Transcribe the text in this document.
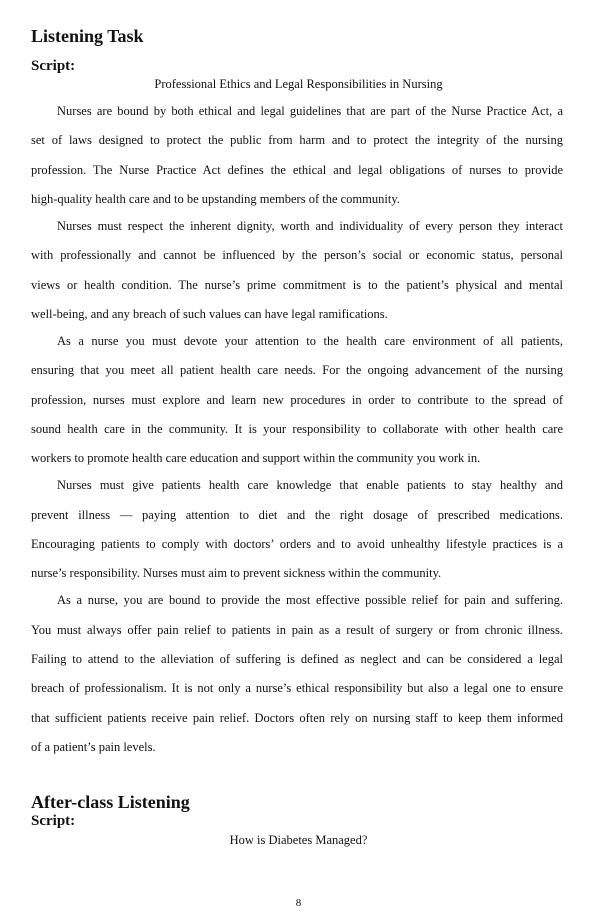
Listening Task
Script:
Professional Ethics and Legal Responsibilities in Nursing
Nurses are bound by both ethical and legal guidelines that are part of the Nurse Practice Act, a
set of laws designed to protect the public from harm and to protect the integrity of the nursing
profession. The Nurse Practice Act defines the ethical and legal obligations of nurses to provide
high-quality health care and to be upstanding members of the community.
Nurses must respect the inherent dignity, worth and individuality of every person they interact
with professionally and cannot be influenced by the person’s social or economic status, personal
views or health condition. The nurse’s prime commitment is to the patient’s physical and mental
well-being, and any breach of such values can have legal ramifications.
As a nurse you must devote your attention to the health care environment of all patients,
ensuring that you meet all patient health care needs. For the ongoing advancement of the nursing
profession, nurses must explore and learn new procedures in order to contribute to the spread of
sound health care in the community. It is your responsibility to collaborate with other health care
workers to promote health care education and support within the community you work in.
Nurses must give patients health care knowledge that enable patients to stay healthy and
prevent illness — paying attention to diet and the right dosage of prescribed medications.
Encouraging patients to comply with doctors’ orders and to avoid unhealthy lifestyle practices is a
nurse’s responsibility. Nurses must aim to prevent sickness within the community.
As a nurse, you are bound to provide the most effective possible relief for pain and suffering.
You must always offer pain relief to patients in pain as a result of surgery or from chronic illness.
Failing to attend to the alleviation of suffering is defined as neglect and can be considered a legal
breach of professionalism. It is not only a nurse’s ethical responsibility but also a legal one to ensure
that sufficient patients receive pain relief. Doctors often rely on nursing staff to keep them informed
of a patient’s pain levels.
After-class Listening
Script:
How is Diabetes Managed?
8
